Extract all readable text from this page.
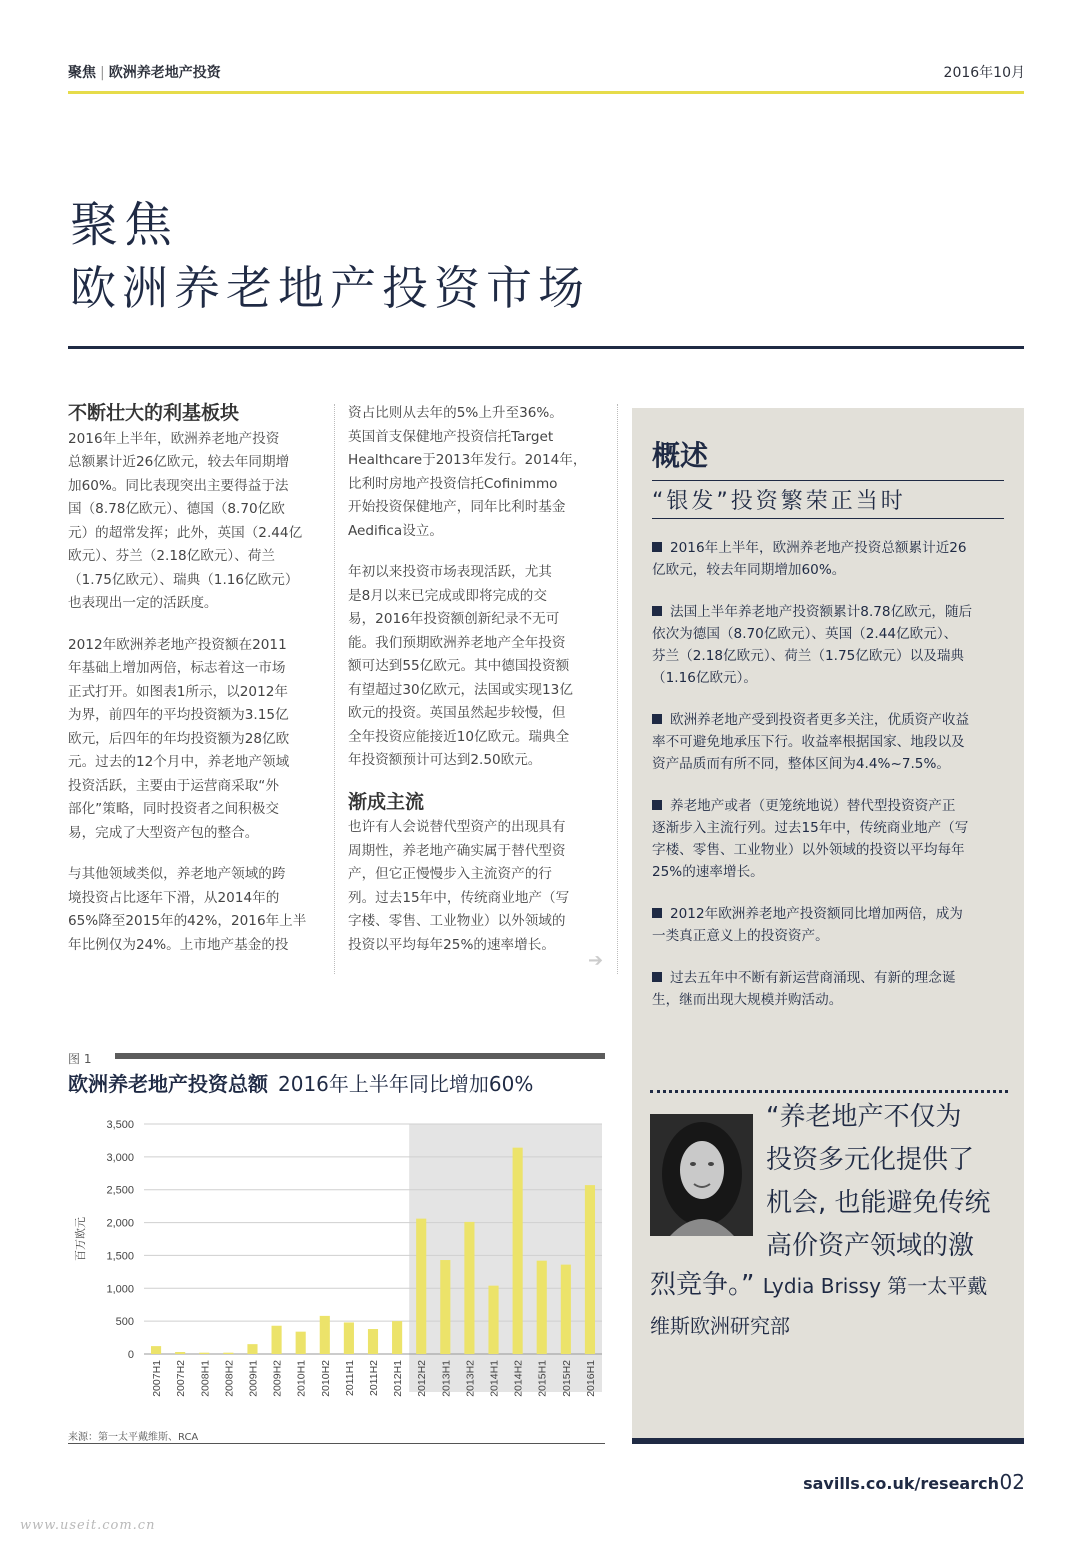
聚焦 | 欧洲养老地产投资	2016年10月
聚焦
欧洲养老地产投资市场
不断壮大的利基板块

2016年上半年，欧洲养老地产投资
总额累计近26亿欧元，较去年同期增
加60%。同比表现突出主要得益于法
国（8.78亿欧元）、德国（8.70亿欧
元）的超常发挥；此外，英国（2.44亿
欧元）、芬兰（2.18亿欧元）、荷兰
（1.75亿欧元）、瑞典（1.16亿欧元）
也表现出一定的活跃度。

2012年欧洲养老地产投资额在2011
年基础上增加两倍，标志着这一市场
正式打开。如图表1所示，以2012年
为界，前四年的平均投资额为3.15亿
欧元，后四年的年均投资额为28亿欧
元。过去的12个月中，养老地产领域
投资活跃，主要由于运营商采取“外
部化”策略，同时投资者之间积极交
易，完成了大型资产包的整合。

与其他领域类似，养老地产领域的跨
境投资占比逐年下滑，从2014年的
65%降至2015年的42%，2016年上半
年比例仅为24%。上市地产基金的投

资占比则从去年的5%上升至36%。
英国首支保健地产投资信托Target
Healthcare于2013年发行。2014年，
比利时房地产投资信托Cofinimmo
开始投资保健地产，同年比利时基金
Aedifica设立。

年初以来投资市场表现活跃，尤其
是8月以来已完成或即将完成的交
易，2016年投资额创新纪录不无可
能。我们预期欧洲养老地产全年投资
额可达到55亿欧元。其中德国投资额
有望超过30亿欧元，法国或实现13亿
欧元的投资。英国虽然起步较慢，但
全年投资应能接近10亿欧元。瑞典全
年投资额预计可达到2.50欧元。

渐成主流

也许有人会说替代型资产的出现具有
周期性，养老地产确实属于替代型资
产，但它正慢慢步入主流资产的行
列。过去15年中，传统商业地产（写
字楼、零售、工业物业）以外领域的
投资以平均每年25%的速率增长。

➔
概述
“银发”投资繁荣正当时
2016年上半年，欧洲养老地产投资总额累计近26
亿欧元，较去年同期增加60%。
法国上半年养老地产投资额累计8.78亿欧元，随后
依次为德国（8.70亿欧元）、英国（2.44亿欧元）、
芬兰（2.18亿欧元）、荷兰（1.75亿欧元）以及瑞典
（1.16亿欧元）。
欧洲养老地产受到投资者更多关注，优质资产收益
率不可避免地承压下行。收益率根据国家、地段以及
资产品质而有所不同，整体区间为4.4%~7.5%。
养老地产或者（更笼统地说）替代型投资资产正
逐渐步入主流行列。过去15年中，传统商业地产（写
字楼、零售、工业物业）以外领域的投资以平均每年
25%的速率增长。
2012年欧洲养老地产投资额同比增加两倍，成为
一类真正意义上的投资资产。
过去五年中不断有新运营商涌现、有新的理念诞
生，继而出现大规模并购活动。
“养老地产不仅为
投资多元化提供了
机会, 也能避免传统
高价资产领域的激
烈竞争。” Lydia Brissy 第一太平戴
维斯欧洲研究部
图 1
欧洲养老地产投资总额 2016年上半年同比增加60%
0
500
1,000
1,500
2,000
2,500
3,000
3,500
百万欧元
2007H1 2007H2 2008H1 2008H2 2009H1 2009H2 2010H1 2010H2 2011H1 2011H2 2012H1 2012H2 2013H1 2013H2 2014H1 2014H2 2015H1 2015H2 2016H1
来源：第一太平戴维斯、RCA
savills.co.uk/research 02
www.useit.com.cn
